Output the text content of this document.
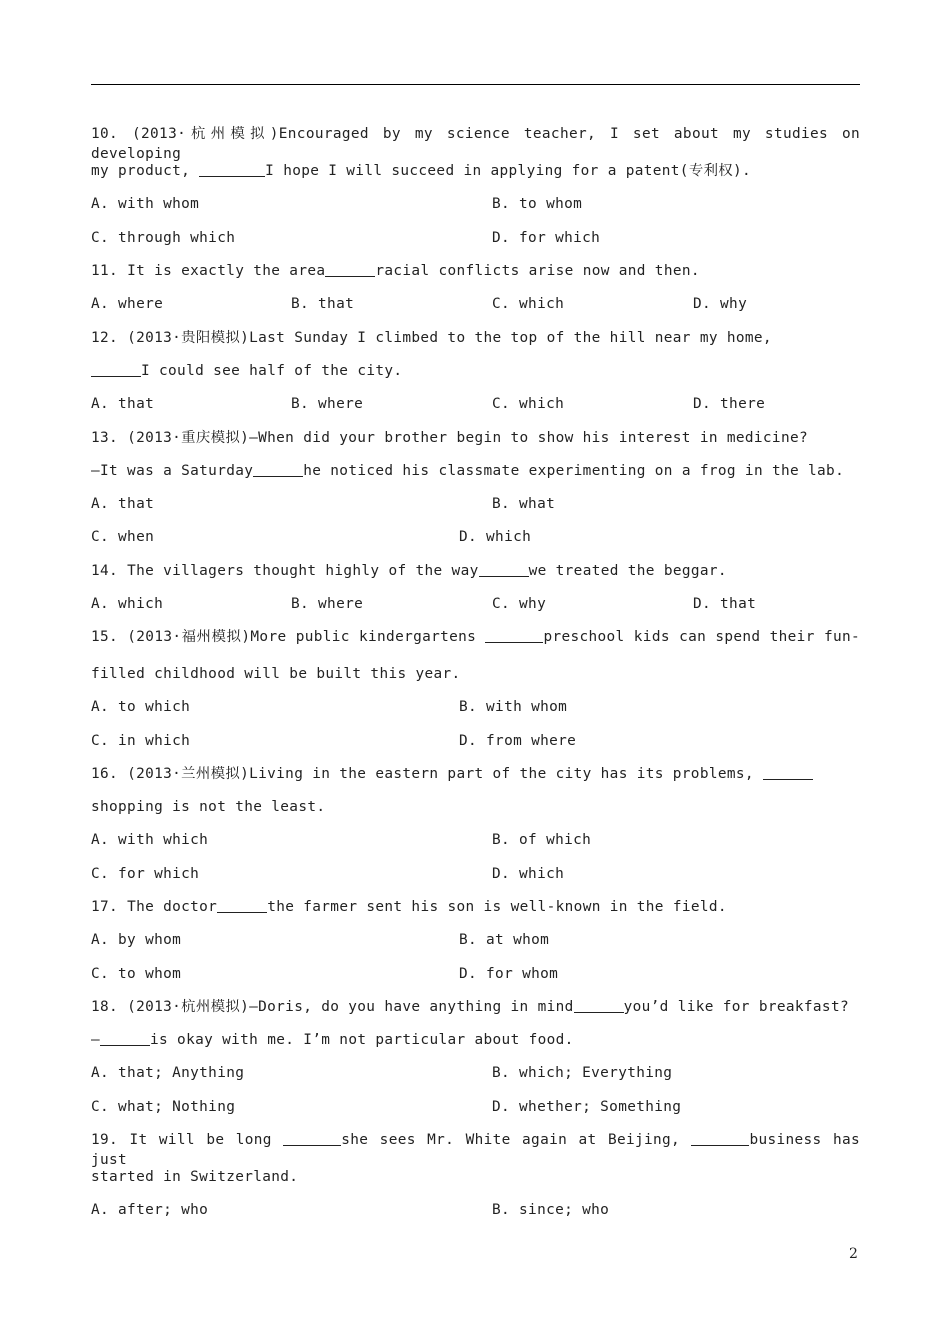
10. (2013·杭州模拟)Encouraged by my science teacher, I set about my studies on developing
my product,	I hope I will succeed in applying for a patent(专利权).
A. with whom	B. to whom
C. through which	D. for which
11. It is exactly the area	racial conflicts arise now and then.
A. where	B. that	C. which	D. why
12. (2013·贵阳模拟)Last Sunday I climbed to the top of the hill near my home,
I could see half of the city.
A. that	B. where	C. which	D. there
13. (2013·重庆模拟)—When did your brother begin to show his interest in medicine?
—It was a Saturday	he noticed his classmate experimenting on a frog in the lab.
A. that	B. what
C. when	D. which
14. The villagers thought highly of the way	we treated the beggar.
A. which	B. where	C. why	D. that
15. (2013·福州模拟)More public kindergartens	preschool kids can spend their fun-
filled childhood will be built this year.
A. to which	B. with whom
C. in which	D. from where
16. (2013·兰州模拟)Living in the eastern part of the city has its problems,
shopping is not the least.
A. with which	B. of which
C. for which	D. which
17. The doctor	the farmer sent his son is well-known in the field.
A. by whom	B. at whom
C. to whom	D. for whom
18. (2013·杭州模拟)—Doris, do you have anything in mind	you’d like for breakfast?
—	is okay with me. I’m not particular about food.
A. that; Anything	B. which; Everything
C. what; Nothing	D. whether; Something
19. It will be long	she sees Mr. White again at Beijing,	business has just
started in Switzerland.
A. after; who	B. since; who
2
